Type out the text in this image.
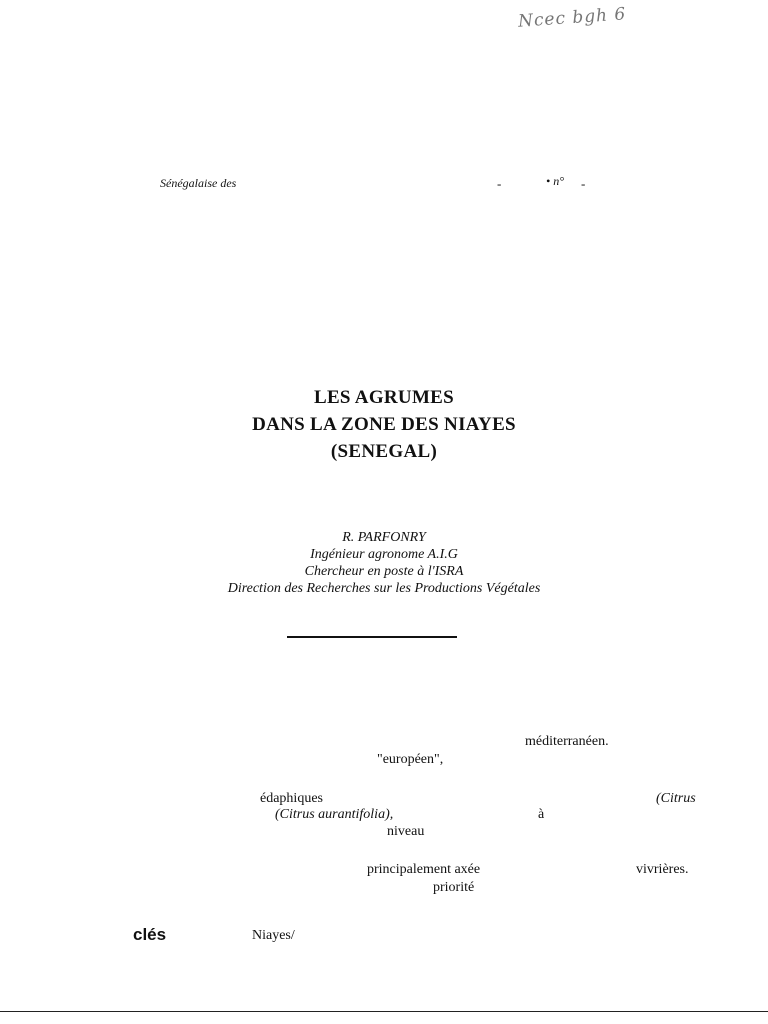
Ncec bgh 6
Sénégalaise des	-	• n° -
LES AGRUMES
DANS LA ZONE DES NIAYES
(SENEGAL)
R. PARFONRY
Ingénieur agronome A.I.G
Chercheur en poste à l'ISRA
Direction des Recherches sur les Productions Végétales
méditerranéen.
"européen",
édaphiques	(Citrus
(Citrus aurantifolia),	à
niveau
principalement axée	vivrières.
priorité
clés	Niayes/
